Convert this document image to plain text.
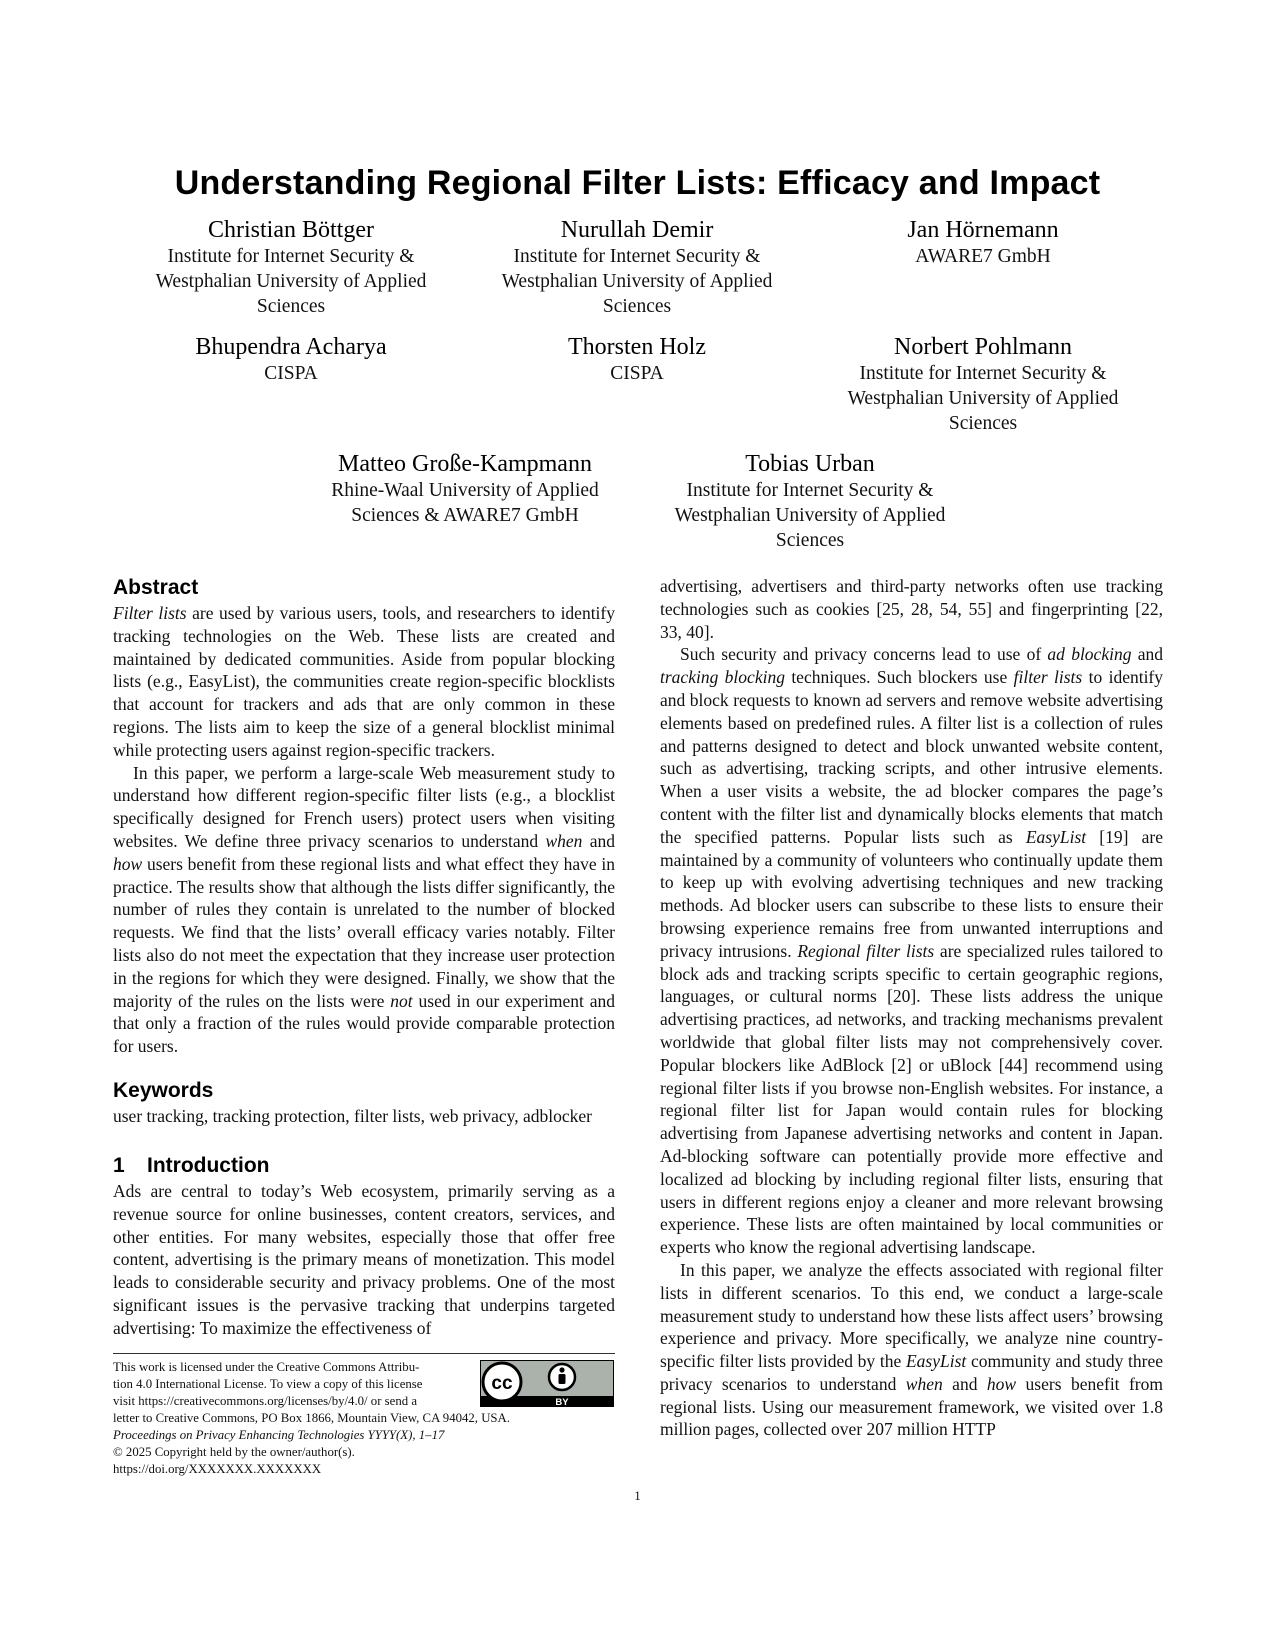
Understanding Regional Filter Lists: Efficacy and Impact
Christian Böttger
Institute for Internet Security &
Westphalian University of Applied
Sciences
Nurullah Demir
Institute for Internet Security &
Westphalian University of Applied
Sciences
Jan Hörnemann
AWARE7 GmbH
Bhupendra Acharya
CISPA
Thorsten Holz
CISPA
Norbert Pohlmann
Institute for Internet Security &
Westphalian University of Applied
Sciences
Matteo Große-Kampmann
Rhine-Waal University of Applied
Sciences & AWARE7 GmbH
Tobias Urban
Institute for Internet Security &
Westphalian University of Applied
Sciences
Abstract

Filter lists are used by various users, tools, and researchers to identify tracking technologies on the Web. These lists are created and maintained by dedicated communities. Aside from popular blocking lists (e.g., EasyList), the communities create region-specific blocklists that account for trackers and ads that are only common in these regions. The lists aim to keep the size of a general blocklist minimal while protecting users against region-specific trackers.

In this paper, we perform a large-scale Web measurement study to understand how different region-specific filter lists (e.g., a blocklist specifically designed for French users) protect users when visiting websites. We define three privacy scenarios to understand when and how users benefit from these regional lists and what effect they have in practice. The results show that although the lists differ significantly, the number of rules they contain is unrelated to the number of blocked requests. We find that the lists’ overall efficacy varies notably. Filter lists also do not meet the expectation that they increase user protection in the regions for which they were designed. Finally, we show that the majority of the rules on the lists were not used in our experiment and that only a fraction of the rules would provide comparable protection for users.

Keywords

user tracking, tracking protection, filter lists, web privacy, adblocker

1 Introduction

Ads are central to today’s Web ecosystem, primarily serving as a revenue source for online businesses, content creators, services, and other entities. For many websites, especially those that offer free content, advertising is the primary means of monetization. This model leads to considerable security and privacy problems. One of the most significant issues is the pervasive tracking that underpins targeted advertising: To maximize the effectiveness of

This work is licensed under the Creative Commons Attribu-
tion 4.0 International License. To view a copy of this license
visit https://creativecommons.org/licenses/by/4.0/ or send a
letter to Creative Commons, PO Box 1866, Mountain View, CA 94042, USA.
Proceedings on Privacy Enhancing Technologies YYYY(X), 1–17
© 2025 Copyright held by the owner/author(s).
https://doi.org/XXXXXXX.XXXXXXX
cc
BY

advertising, advertisers and third-party networks often use tracking technologies such as cookies [25, 28, 54, 55] and fingerprinting [22, 33, 40].

Such security and privacy concerns lead to use of ad blocking and tracking blocking techniques. Such blockers use filter lists to identify and block requests to known ad servers and remove website advertising elements based on predefined rules. A filter list is a collection of rules and patterns designed to detect and block unwanted website content, such as advertising, tracking scripts, and other intrusive elements. When a user visits a website, the ad blocker compares the page’s content with the filter list and dynamically blocks elements that match the specified patterns. Popular lists such as EasyList [19] are maintained by a community of volunteers who continually update them to keep up with evolving advertising techniques and new tracking methods. Ad blocker users can subscribe to these lists to ensure their browsing experience remains free from unwanted interruptions and privacy intrusions. Regional filter lists are specialized rules tailored to block ads and tracking scripts specific to certain geographic regions, languages, or cultural norms [20]. These lists address the unique advertising practices, ad networks, and tracking mechanisms prevalent worldwide that global filter lists may not comprehensively cover. Popular blockers like AdBlock [2] or uBlock [44] recommend using regional filter lists if you browse non-English websites. For instance, a regional filter list for Japan would contain rules for blocking advertising from Japanese advertising networks and content in Japan. Ad-blocking software can potentially provide more effective and localized ad blocking by including regional filter lists, ensuring that users in different regions enjoy a cleaner and more relevant browsing experience. These lists are often maintained by local communities or experts who know the regional advertising landscape.

In this paper, we analyze the effects associated with regional filter lists in different scenarios. To this end, we conduct a large-scale measurement study to understand how these lists affect users’ browsing experience and privacy. More specifically, we analyze nine country-specific filter lists provided by the EasyList community and study three privacy scenarios to understand when and how users benefit from regional lists. Using our measurement framework, we visited over 1.8 million pages, collected over 207 million HTTP

1
